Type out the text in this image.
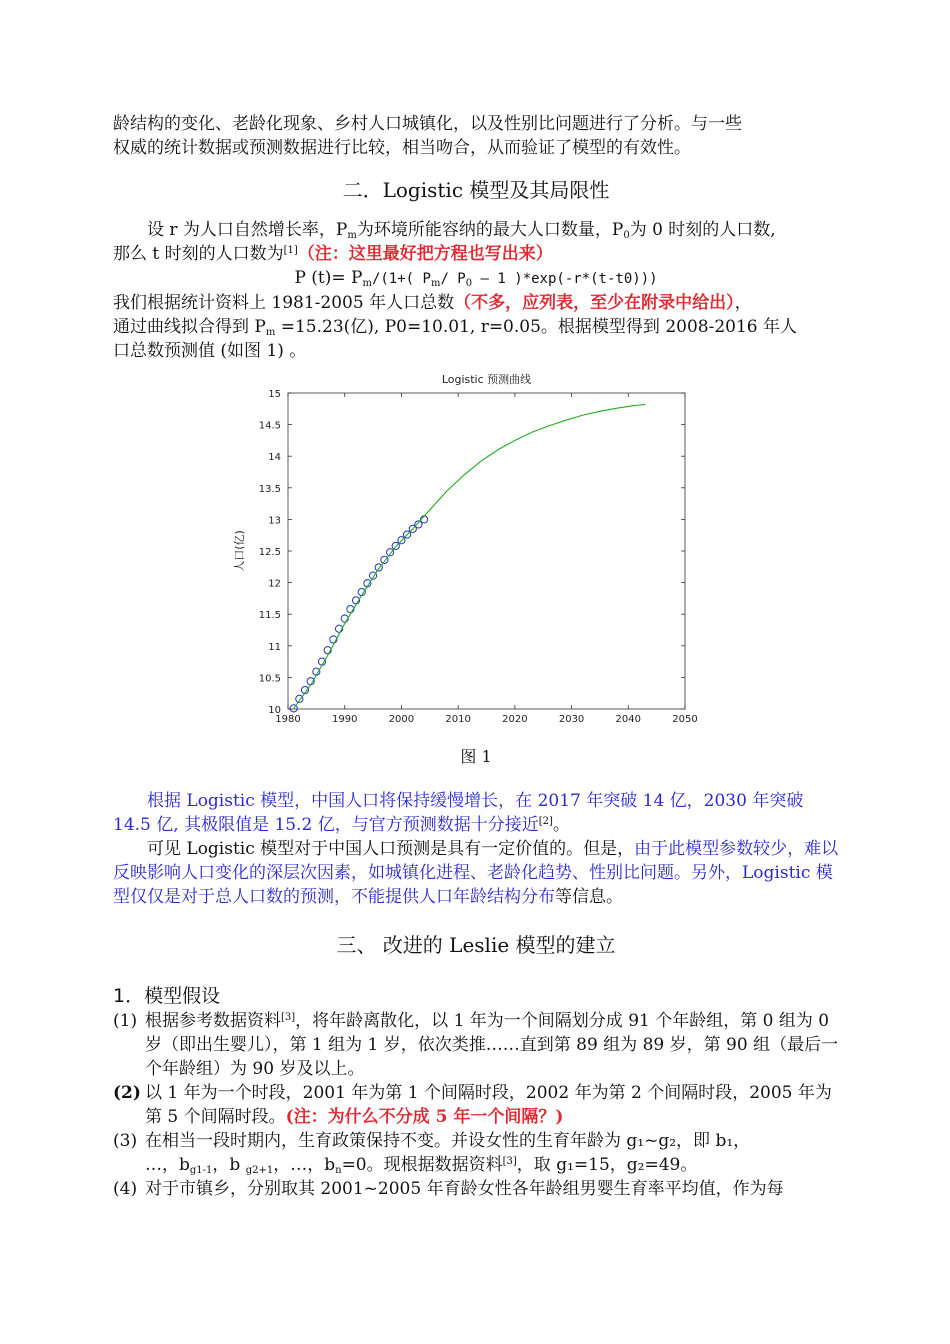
龄结构的变化、老龄化现象、乡村人口城镇化，以及性别比问题进行了分析。与一些
权威的统计数据或预测数据进行比较，相当吻合，从而验证了模型的有效性。

二．Logistic 模型及其局限性

设 r 为人口自然增长率，$P_m$为环境所能容纳的最大人口数量，$P_0$为 0 时刻的人口数,
那么 t 时刻的人口数为[1]（注：这里最好把方程也写出来）

P $(t)= P_m/(1+$( $P_m/$ $P_0$ — 1 )*exp(-r*(t-t0)))

我们根据统计资料上 1981-2005 年人口总数（不多，应列表，至少在附录中给出），
通过曲线拟合得到 $P_m =15.23$(亿), P0=10.01, r=0.05。根据模型得到 2008-2016 年人
口总数预测值 (如图 1) 。

Logistic 预测曲线
1980	1990	2000	2010	2020	2030	2040	2050
10
10.5
11
11.5
12
12.5
13
13.5
14
14.5
15
人口(亿)

图 1

根据 Logistic 模型，中国人口将保持缓慢增长，在 2017 年突破 14 亿，2030 年突破 14.5 亿, 其极限值是 15.2 亿，与官方预测数据十分接近[2]。

可见 Logistic 模型对于中国人口预测是具有一定价值的。但是，由于此模型参数较少，难以反映影响人口变化的深层次因素，如城镇化进程、老龄化趋势、性别比问题。另外，Logistic 模型仅仅是对于总人口数的预测，不能提供人口年龄结构分布等信息。

三、 改进的 Leslie 模型的建立
1．模型假设

(1) 根据参考数据资料[3]，将年龄离散化，以 1 年为一个间隔划分成 91 个年龄组，第 0 组为 0 岁（即出生婴儿），第 1 组为 1 岁，依次类推……直到第 89 组为 89 岁，第 90 组（最后一个年龄组）为 90 岁及以上。

(2) 以 1 年为一个时段，2001 年为第 1 个间隔时段，2002 年为第 2 个间隔时段，2005 年为第 5 个间隔时段。(注：为什么不分成 5 年一个间隔？)

(3) 在相当一段时期内，生育政策保持不变。并设女性的生育年龄为 g₁~g₂，即 b₁，
…，$b_{g1-1}$，b $_{g2+1}$，…，$b_n=0$。现根据数据资料[3]，取 g₁=15，g₂=49。

(4) 对于市镇乡，分别取其 2001~2005 年育龄女性各年龄组男婴生育率平均值，作为每
